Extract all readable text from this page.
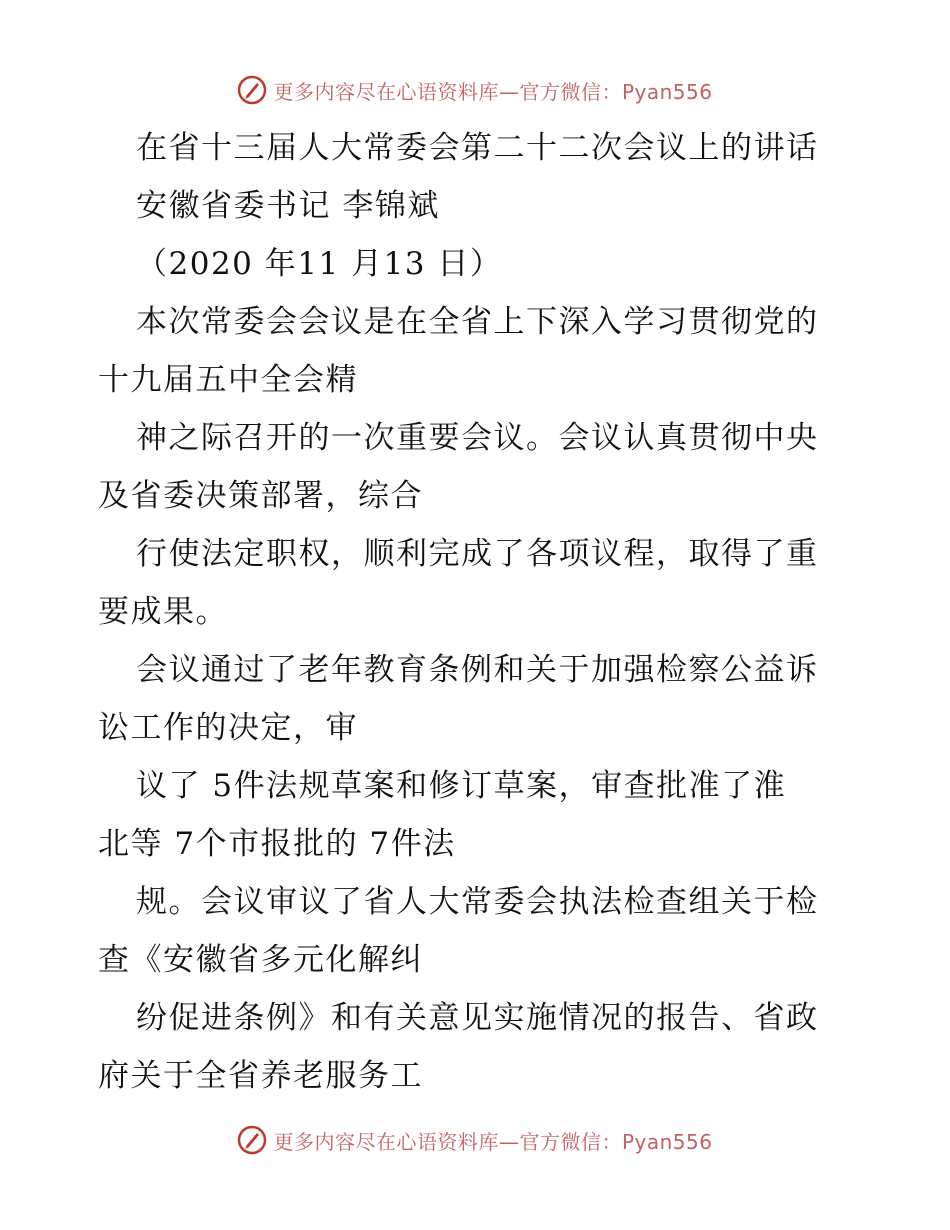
更多内容尽在心语资料库—官方微信：Pyan556
在省十三届人大常委会第二十二次会议上的讲话
安徽省委书记 李锦斌
（2020 年11 月13 日）
本次常委会会议是在全省上下深入学习贯彻党的
十九届五中全会精
神之际召开的一次重要会议。会议认真贯彻中央
及省委决策部署，综合
行使法定职权，顺利完成了各项议程，取得了重
要成果。
会议通过了老年教育条例和关于加强检察公益诉
讼工作的决定，审
议了 5件法规草案和修订草案，审查批准了淮
北等 7个市报批的 7件法
规。会议审议了省人大常委会执法检查组关于检
查《安徽省多元化解纠
纷促进条例》和有关意见实施情况的报告、省政
府关于全省养老服务工
更多内容尽在心语资料库—官方微信：Pyan556
